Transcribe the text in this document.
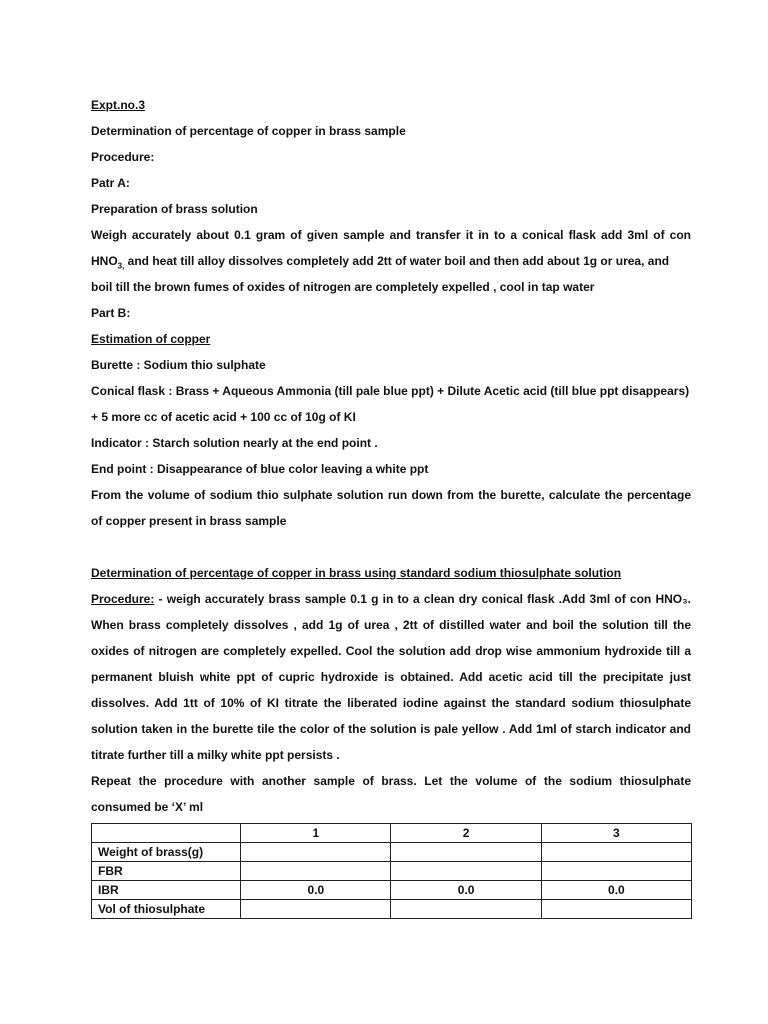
Expt.no.3
Determination of percentage of copper in brass sample
Procedure:
Patr A:
Preparation of brass solution
Weigh accurately about 0.1 gram of given sample and transfer it in to a conical flask add 3ml of con
$HNO_{3,}$ and heat till alloy dissolves completely add 2tt of water boil and then add about 1g or urea, and
boil till the brown fumes of oxides of nitrogen are completely expelled , cool in tap water
Part B:
Estimation of copper
Burette : Sodium thio sulphate
Conical flask : Brass + Aqueous Ammonia (till pale blue ppt) + Dilute Acetic acid (till blue ppt disappears)
+ 5 more cc of acetic acid + 100 cc of 10g of KI
Indicator : Starch solution nearly at the end point .
End point : Disappearance of blue color leaving a white ppt
From the volume of sodium thio sulphate solution run down from the burette, calculate the percentage
of copper present in brass sample
Determination of percentage of copper in brass using standard sodium thiosulphate solution
Procedure: - weigh accurately brass sample 0.1 g in to a clean dry conical flask .Add 3ml of con HNO₃.
When brass completely dissolves , add 1g of urea , 2tt of distilled water and boil the solution till the
oxides of nitrogen are completely expelled. Cool the solution add drop wise ammonium hydroxide till a
permanent bluish white ppt of cupric hydroxide is obtained. Add acetic acid till the precipitate just
dissolves. Add 1tt of 10% of KI titrate the liberated iodine against the standard sodium thiosulphate
solution taken in the burette tile the color of the solution is pale yellow . Add 1ml of starch indicator and
titrate further till a milky white ppt persists .
Repeat the procedure with another sample of brass. Let the volume of the sodium thiosulphate
consumed be ‘X’ ml
	1	2	3
Weight of brass(g)			
FBR			
IBR	0.0	0.0	0.0
Vol of thiosulphate			
